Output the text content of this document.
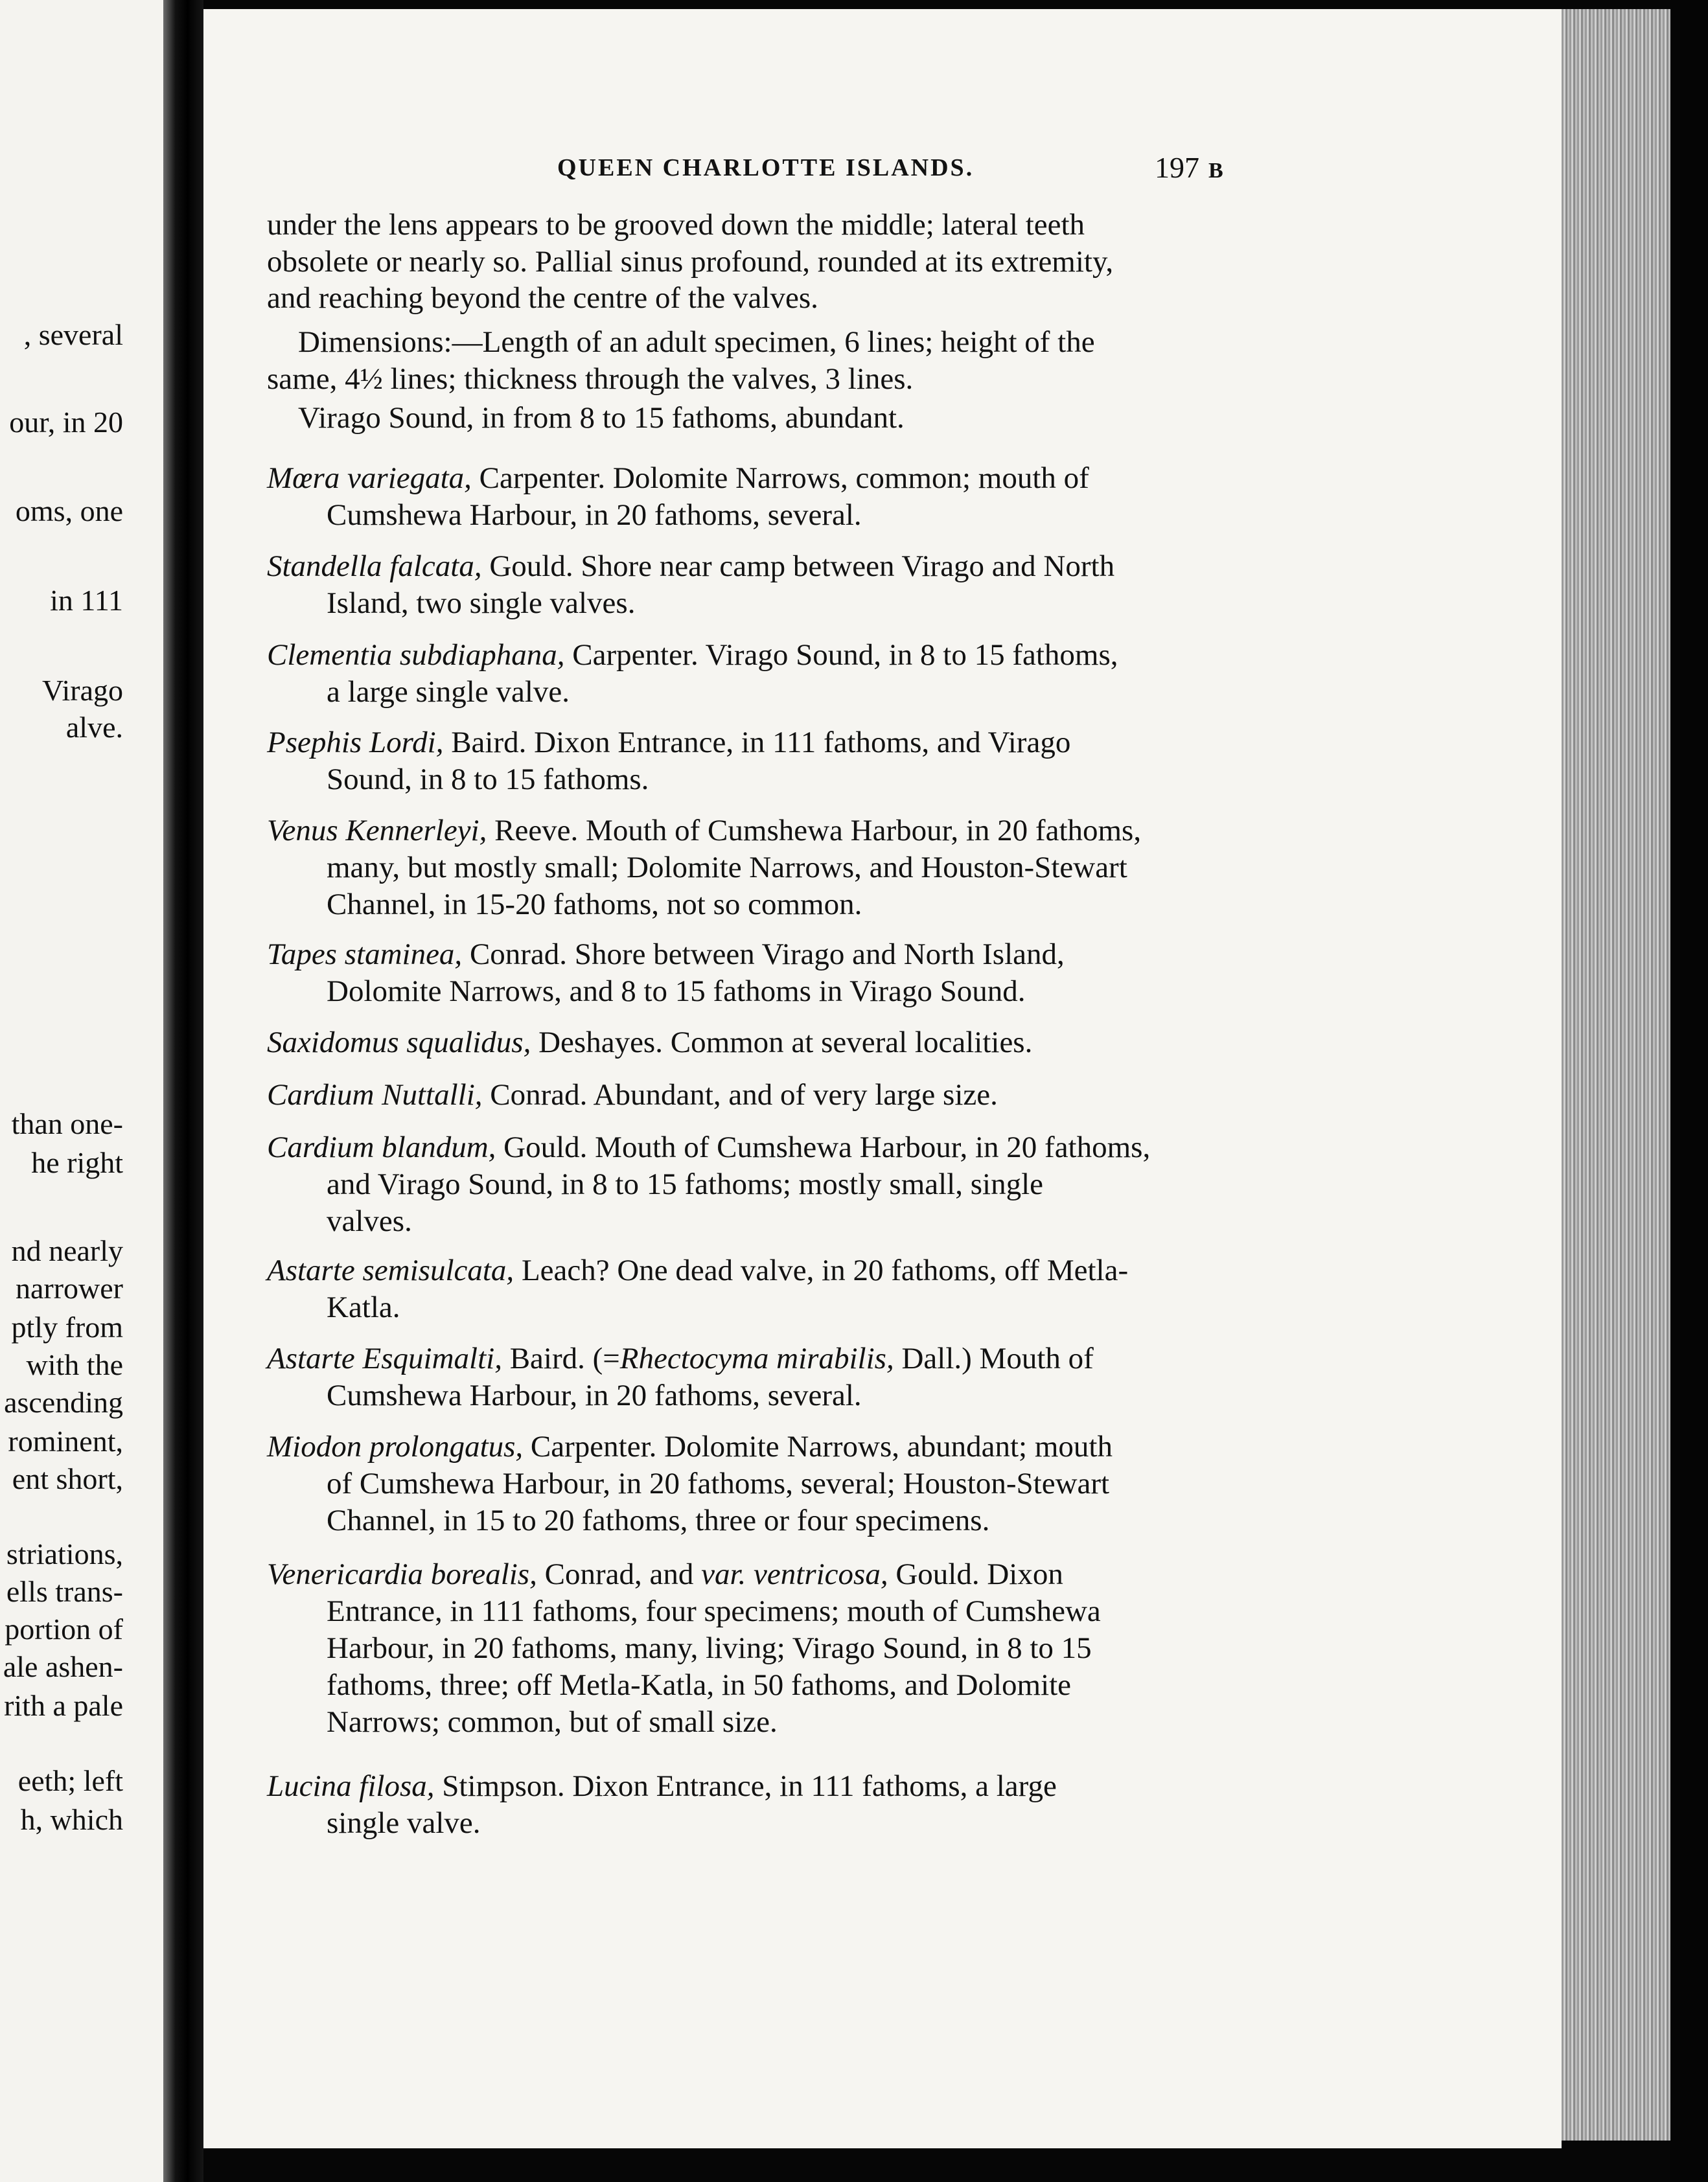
, several
our, in 20
oms, one
in 111
Virago
alve.
than one-
he right
nd nearly
narrower
ptly from
with the
ascending
rominent,
ent short,
striations,
ells trans-
portion of
ale ashen-
rith a pale
eeth; left
h, which
QUEEN CHARLOTTE ISLANDS.	197 B
under the lens appears to be grooved down the middle; lateral teeth
obsolete or nearly so. Pallial sinus profound, rounded at its extremity,
and reaching beyond the centre of the valves.
Dimensions:—Length of an adult specimen, 6 lines; height of the
same, 4½ lines; thickness through the valves, 3 lines.
Virago Sound, in from 8 to 15 fathoms, abundant.
Mœra variegata, Carpenter. Dolomite Narrows, common; mouth of
Cumshewa Harbour, in 20 fathoms, several.
Standella falcata, Gould. Shore near camp between Virago and North
Island, two single valves.
Clementia subdiaphana, Carpenter. Virago Sound, in 8 to 15 fathoms,
a large single valve.
Psephis Lordi, Baird. Dixon Entrance, in 111 fathoms, and Virago
Sound, in 8 to 15 fathoms.
Venus Kennerleyi, Reeve. Mouth of Cumshewa Harbour, in 20 fathoms,
many, but mostly small; Dolomite Narrows, and Houston-Stewart
Channel, in 15-20 fathoms, not so common.
Tapes staminea, Conrad. Shore between Virago and North Island,
Dolomite Narrows, and 8 to 15 fathoms in Virago Sound.
Saxidomus squalidus, Deshayes. Common at several localities.
Cardium Nuttalli, Conrad. Abundant, and of very large size.
Cardium blandum, Gould. Mouth of Cumshewa Harbour, in 20 fathoms,
and Virago Sound, in 8 to 15 fathoms; mostly small, single
valves.
Astarte semisulcata, Leach? One dead valve, in 20 fathoms, off Metla-
Katla.
Astarte Esquimalti, Baird. (=Rhectocyma mirabilis, Dall.) Mouth of
Cumshewa Harbour, in 20 fathoms, several.
Miodon prolongatus, Carpenter. Dolomite Narrows, abundant; mouth
of Cumshewa Harbour, in 20 fathoms, several; Houston-Stewart
Channel, in 15 to 20 fathoms, three or four specimens.
Venericardia borealis, Conrad, and var. ventricosa, Gould. Dixon
Entrance, in 111 fathoms, four specimens; mouth of Cumshewa
Harbour, in 20 fathoms, many, living; Virago Sound, in 8 to 15
fathoms, three; off Metla-Katla, in 50 fathoms, and Dolomite
Narrows; common, but of small size.
Lucina filosa, Stimpson. Dixon Entrance, in 111 fathoms, a large
single valve.
